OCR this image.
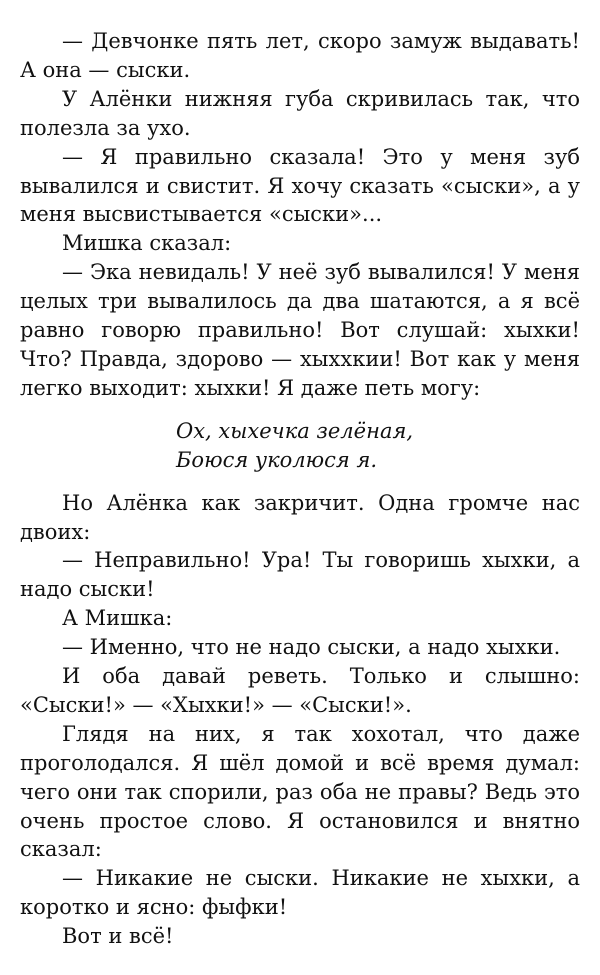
— Девчонке пять лет, скоро замуж выдавать! А она — сыски.

У Алёнки нижняя губа скривилась так, что полезла за ухо.

— Я правильно сказала! Это у меня зуб вывалился и свистит. Я хочу сказать «сыски», а у меня высвистывается «сыски»...

Мишка сказал:

— Эка невидаль! У неё зуб вывалился! У меня целых три вывалилось да два шатаются, а я всё равно говорю правильно! Вот слушай: хыхки! Что? Правда, здорово — хыххкии! Вот как у меня легко выходит: хыхки! Я даже петь могу:

Ох, хыхечка зелёная,
Боюся уколюся я.

Но Алёнка как закричит. Одна громче нас двоих:

— Неправильно! Ура! Ты говоришь хыхки, а надо сыски!

А Мишка:

— Именно, что не надо сыски, а надо хыхки.

И оба давай реветь. Только и слышно: «Сыски!» — «Хыхки!» — «Сыски!».

Глядя на них, я так хохотал, что даже проголодался. Я шёл домой и всё время думал: чего они так спорили, раз оба не правы? Ведь это очень простое слово. Я остановился и внятно сказал:

— Никакие не сыски. Никакие не хыхки, а коротко и ясно: фыфки!

Вот и всё!
